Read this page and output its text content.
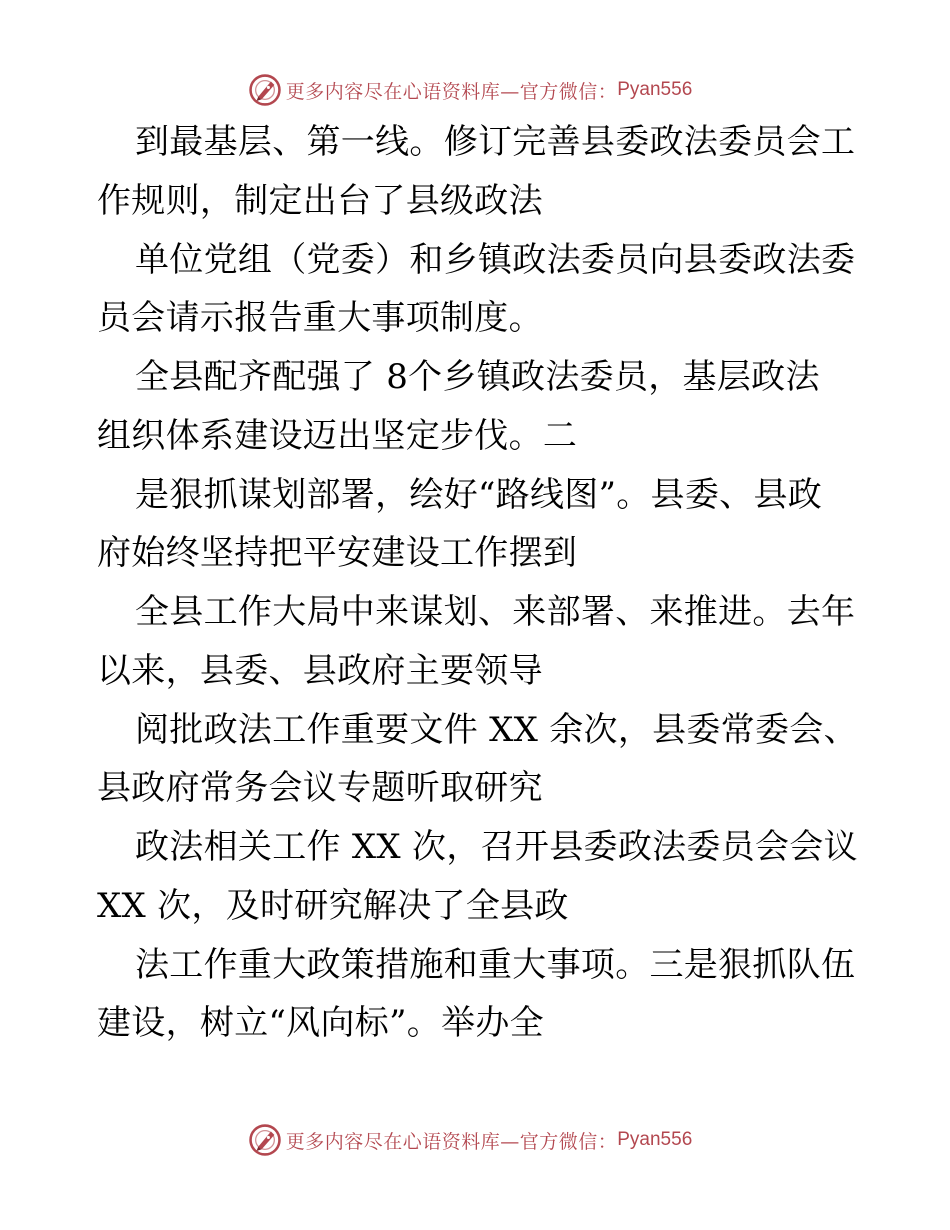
更多内容尽在心语资料库—官方微信： Pyan556
到最基层、第一线。修订完善县委政法委员会工
作规则，制定出台了县级政法
单位党组（党委）和乡镇政法委员向县委政法委
员会请示报告重大事项制度。
全县配齐配强了 8个乡镇政法委员，基层政法
组织体系建设迈出坚定步伐。二
是狠抓谋划部署，绘好“路线图”。县委、县政
府始终坚持把平安建设工作摆到
全县工作大局中来谋划、来部署、来推进。去年
以来，县委、县政府主要领导
阅批政法工作重要文件 XX 余次，县委常委会、
县政府常务会议专题听取研究
政法相关工作 XX 次，召开县委政法委员会会议
XX 次，及时研究解决了全县政
法工作重大政策措施和重大事项。三是狠抓队伍
建设，树立“风向标”。举办全
更多内容尽在心语资料库—官方微信： Pyan556
